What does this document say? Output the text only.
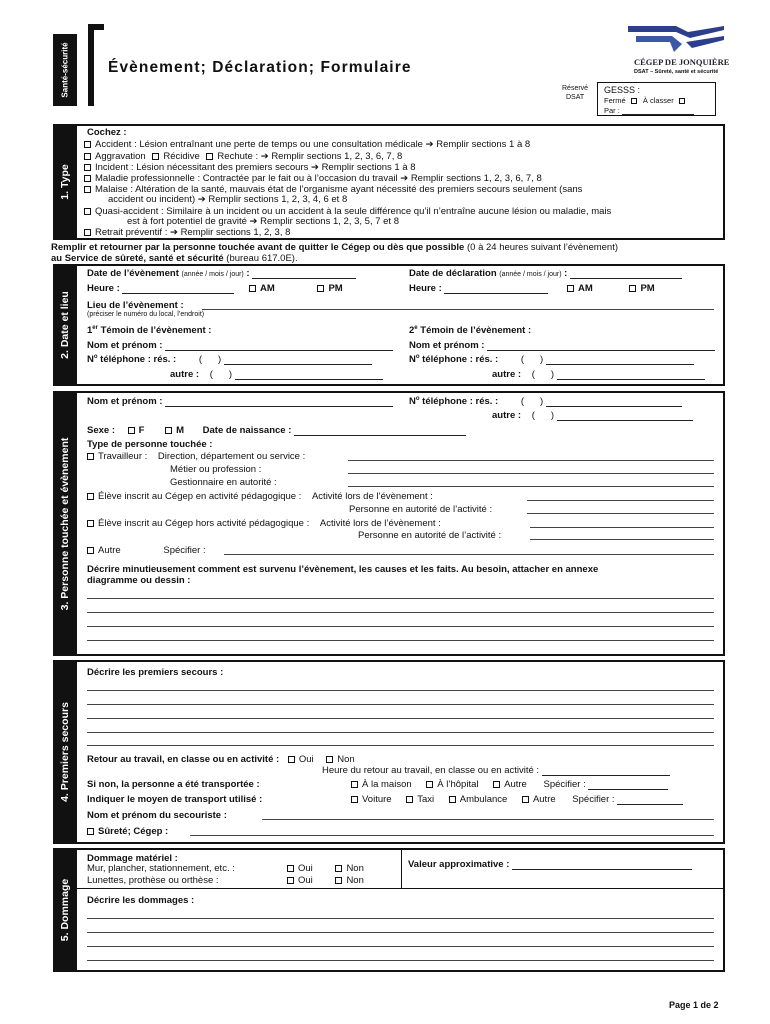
Santé-sécurité Évènement; Déclaration; Formulaire	CÉGEP DE JONQUIÈRE
DSAT – Sûreté, santé et sécurité
Réservé
DSAT
GESSS :
Fermé À classer
Par :
1. Type
Cochez :
Accident : Lésion entraînant une perte de temps ou une consultation médicale ➔ Remplir sections 1 à 8
Aggravation Récidive Rechute : ➔ Remplir sections 1, 2, 3, 6, 7, 8
Incident : Lésion nécessitant des premiers secours ➔ Remplir sections 1 à 8
Maladie professionnelle : Contractée par le fait ou à l’occasion du travail ➔ Remplir sections 1, 2, 3, 6, 7, 8
Malaise : Altération de la santé, mauvais état de l’organisme ayant nécessité des premiers secours seulement (sans
accident ou incident) ➔ Remplir sections 1, 2, 3, 4, 6 et 8
Quasi-accident : Similaire à un incident ou un accident à la seule différence qu’il n’entraîne aucune lésion ou maladie, mais
est à fort potentiel de gravité ➔ Remplir sections 1, 2, 3, 5, 7 et 8
Retrait préventif : ➔ Remplir sections 1, 2, 3, 8
Remplir et retourner par la personne touchée avant de quitter le Cégep ou dès que possible (0 à 24 heures suivant l’évènement)
au Service de sûreté, santé et sécurité (bureau 617.0E).
2. Date et lieu
Date de l’évènement (année / mois / jour) :	Date de déclaration (année / mois / jour) :
Heure :	AM	PM	Heure :	AM	PM
Lieu de l’évènement :
(préciser le numéro du local, l’endroit)
1er Témoin de l’évènement :	2e Témoin de l’évènement :
Nom et prénom :	Nom et prénom :
$N^o$ téléphone : rés. : ( )	$N^o$ téléphone : rés. : ( )
autre : ( )	autre : ( )
3. Personne touchée et évènement
Nom et prénom :	$N^o$ téléphone : rés. : ( )
autre : ( )
Sexe : F	M Date de naissance :
Type de personne touchée :
Travailleur : Direction, département ou service :
Métier ou profession :
Gestionnaire en autorité :
Élève inscrit au Cégep en activité pédagogique : Activité lors de l’évènement :
Personne en autorité de l’activité :
Élève inscrit au Cégep hors activité pédagogique : Activité lors de l’évènement :
Personne en autorité de l’activité :
Autre	Spécifier :
Décrire minutieusement comment est survenu l’évènement, les causes et les faits. Au besoin, attacher en annexe
diagramme ou dessin :
4. Premiers secours
Décrire les premiers secours :
Retour au travail, en classe ou en activité : Oui Non
Heure du retour au travail, en classe ou en activité :
Si non, la personne a été transportée :	À la maison	À l’hôpital	Autre Spécifier :
Indiquer le moyen de transport utilisé :	Voiture	Taxi	Ambulance	Autre Spécifier :
Nom et prénom du secouriste :
Sûreté; Cégep :
5. Dommage
Dommage matériel :
Mur, plancher, stationnement, etc. :	Oui	Non
Lunettes, prothèse ou orthèse :	Oui	Non
Valeur approximative :
Décrire les dommages :
Page 1 de 2
